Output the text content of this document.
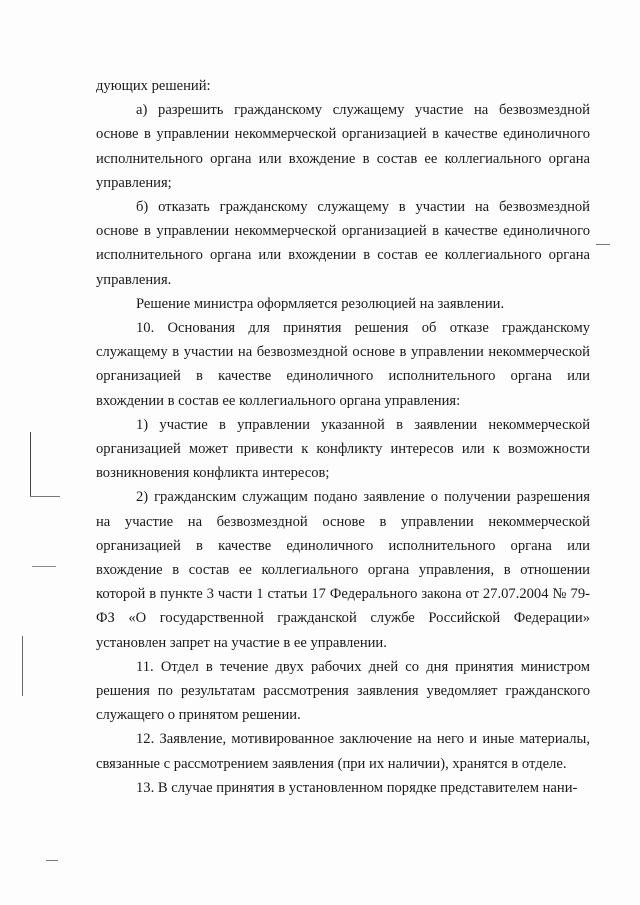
дующих решений:

а) разрешить гражданскому служащему участие на безвозмездной основе в управлении некоммерческой организацией в качестве единоличного исполнительного органа или вхождение в состав ее коллегиального органа управления;

б) отказать гражданскому служащему в участии на безвозмездной основе в управлении некоммерческой организацией в качестве единоличного исполнительного органа или вхождении в состав ее коллегиального органа управления.

Решение министра оформляется резолюцией на заявлении.

10. Основания для принятия решения об отказе гражданскому служащему в участии на безвозмездной основе в управлении некоммерческой организацией в качестве единоличного исполнительного органа или вхождении в состав ее коллегиального органа управления:

1) участие в управлении указанной в заявлении некоммерческой организацией может привести к конфликту интересов или к возможности возникновения конфликта интересов;

2) гражданским служащим подано заявление о получении разрешения на участие на безвозмездной основе в управлении некоммерческой организацией в качестве единоличного исполнительного органа или вхождение в состав ее коллегиального органа управления, в отношении которой в пункте 3 части 1 статьи 17 Федерального закона от 27.07.2004 № 79-ФЗ «О государственной гражданской службе Российской Федерации» установлен запрет на участие в ее управлении.

11. Отдел в течение двух рабочих дней со дня принятия министром решения по результатам рассмотрения заявления уведомляет гражданского служащего о принятом решении.

12. Заявление, мотивированное заключение на него и иные материалы, связанные с рассмотрением заявления (при их наличии), хранятся в отделе.

13. В случае принятия в установленном порядке представителем нани-
